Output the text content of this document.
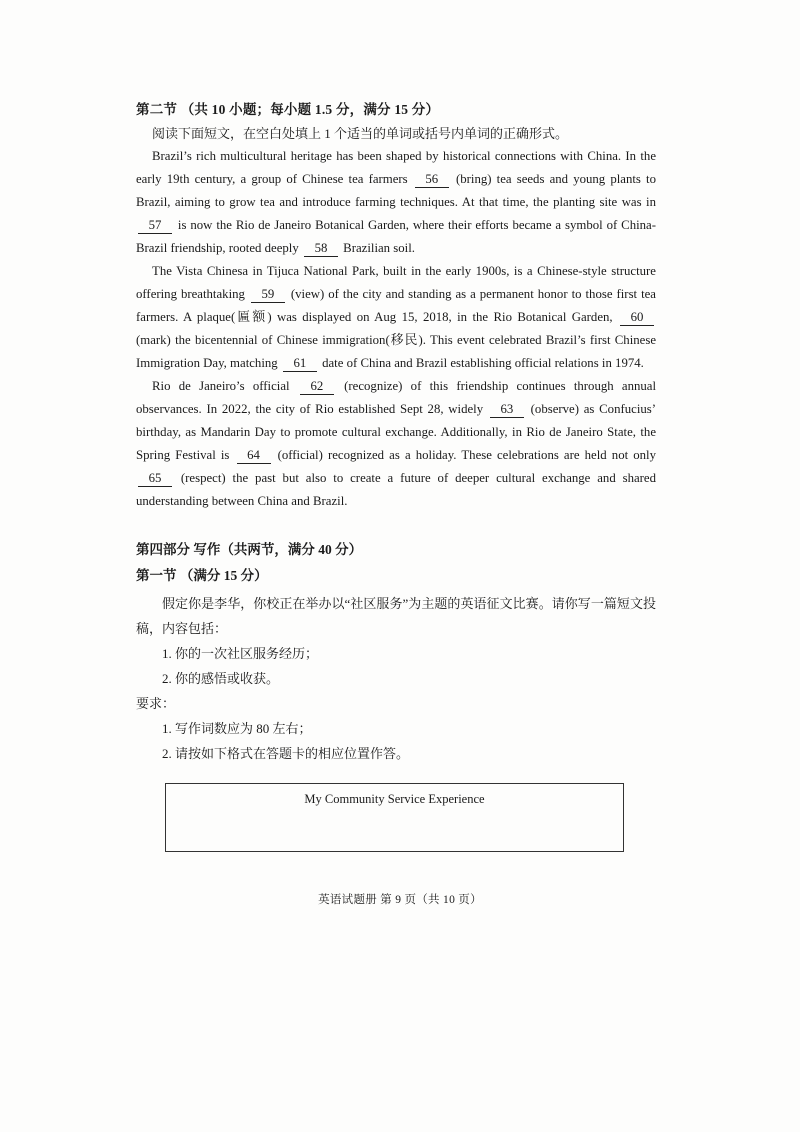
第二节 （共 10 小题；每小题 1.5 分，满分 15 分）
阅读下面短文，在空白处填上 1 个适当的单词或括号内单词的正确形式。

Brazil’s rich multicultural heritage has been shaped by historical connections with China. In the early 19th century, a group of Chinese tea farmers 56 (bring) tea seeds and young plants to Brazil, aiming to grow tea and introduce farming techniques. At that time, the planting site was in 57 is now the Rio de Janeiro Botanical Garden, where their efforts became a symbol of China-Brazil friendship, rooted deeply 58 Brazilian soil.

The Vista Chinesa in Tijuca National Park, built in the early 1900s, is a Chinese-style structure offering breathtaking 59 (view) of the city and standing as a permanent honor to those first tea farmers. A plaque(匾额) was displayed on Aug 15, 2018, in the Rio Botanical Garden, 60 (mark) the bicentennial of Chinese immigration(移民). This event celebrated Brazil’s first Chinese Immigration Day, matching 61 date of China and Brazil establishing official relations in 1974.

Rio de Janeiro’s official 62 (recognize) of this friendship continues through annual observances. In 2022, the city of Rio established Sept 28, widely 63 (observe) as Confucius’ birthday, as Mandarin Day to promote cultural exchange. Additionally, in Rio de Janeiro State, the Spring Festival is 64 (official) recognized as a holiday. These celebrations are held not only 65 (respect) the past but also to create a future of deeper cultural exchange and shared understanding between China and Brazil.

第四部分 写作（共两节，满分 40 分）
第一节 （满分 15 分）

假定你是李华，你校正在举办以“社区服务”为主题的英语征文比赛。请你写一篇短文投稿，内容包括：

1. 你的一次社区服务经历；
2. 你的感悟或收获。
要求：
1. 写作词数应为 80 左右；
2. 请按如下格式在答题卡的相应位置作答。
My Community Service Experience
英语试题册 第 9 页（共 10 页）
